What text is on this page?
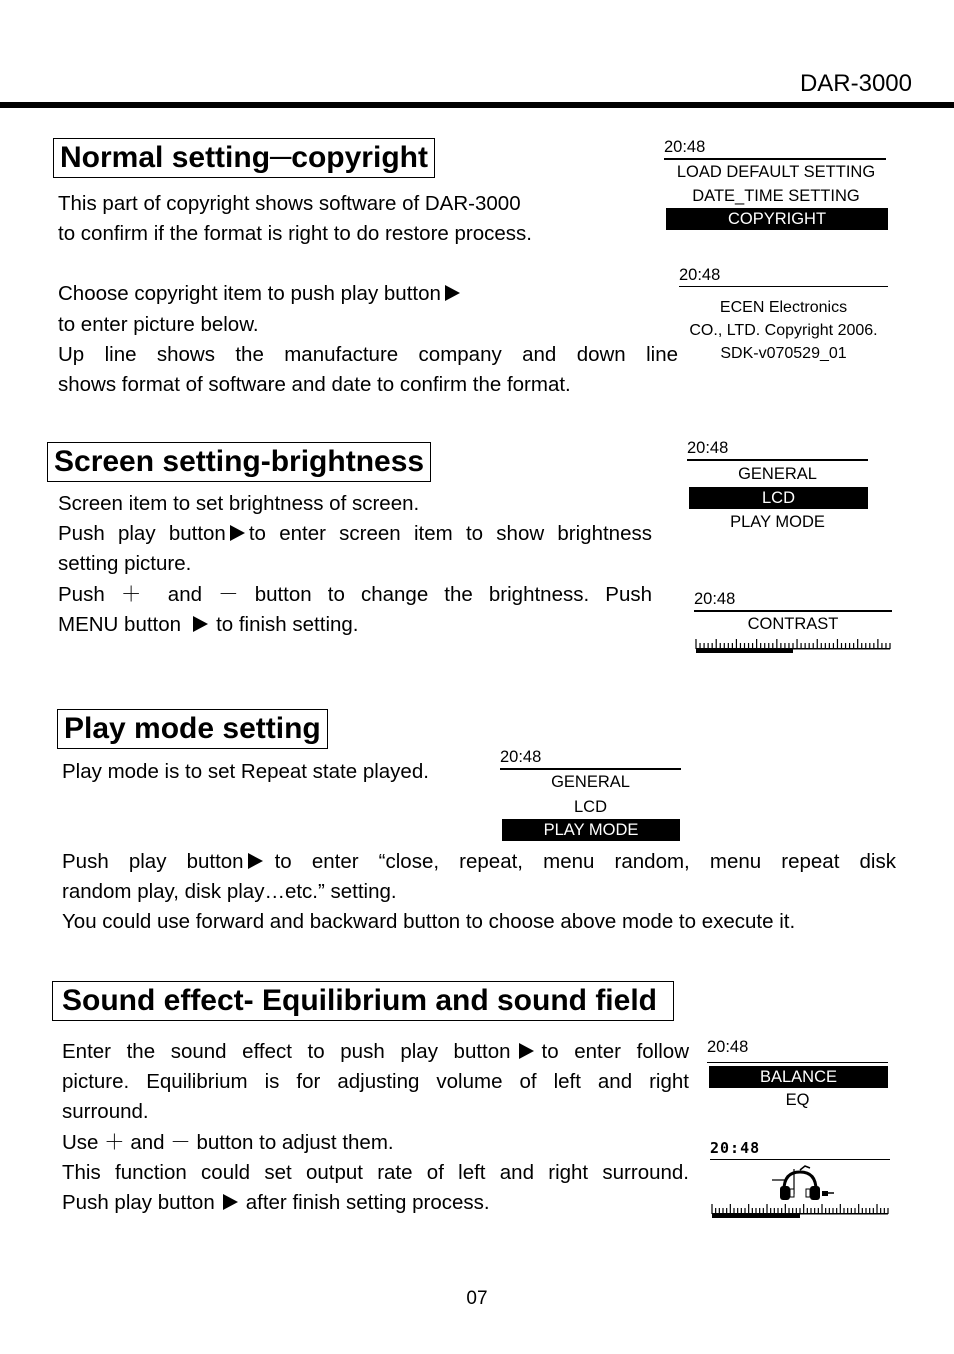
DAR-3000
Normal setting─copyright

This part of copyright shows software of DAR-3000

to confirm if the format is right to do restore process.

Choose copyright item to push play button

to enter picture below.

Up line shows the manufacture company and down line

shows format of software and date to confirm the format.

20:48
LOAD DEFAULT SETTING
DATE_TIME SETTING
COPYRIGHT
20:48
ECEN Electronics
CO., LTD. Copyright 2006.
SDK-v070529_01
Screen setting-brightness

Screen item to set brightness of screen.

Push play button to enter screen item to show brightness

setting picture.

Push ＋ and － button to change the brightness. Push

MENU button to finish setting.

20:48
GENERAL
LCD
PLAY MODE
20:48
CONTRAST
Play mode setting
Play mode is to set Repeat state played.
20:48
GENERAL
LCD
PLAY MODE

Push play button to enter “close, repeat, menu random, menu repeat disk

random play, disk play…etc.” setting.

You could use forward and backward button to choose above mode to execute it.

Sound effect- Equilibrium and sound field

Enter the sound effect to push play button to enter follow

picture. Equilibrium is for adjusting volume of left and right

surround.

Use ＋ and － button to adjust them.

This function could set output rate of left and right surround.

Push play button after finish setting process.

20:48
BALANCE
EQ
20:48

07
